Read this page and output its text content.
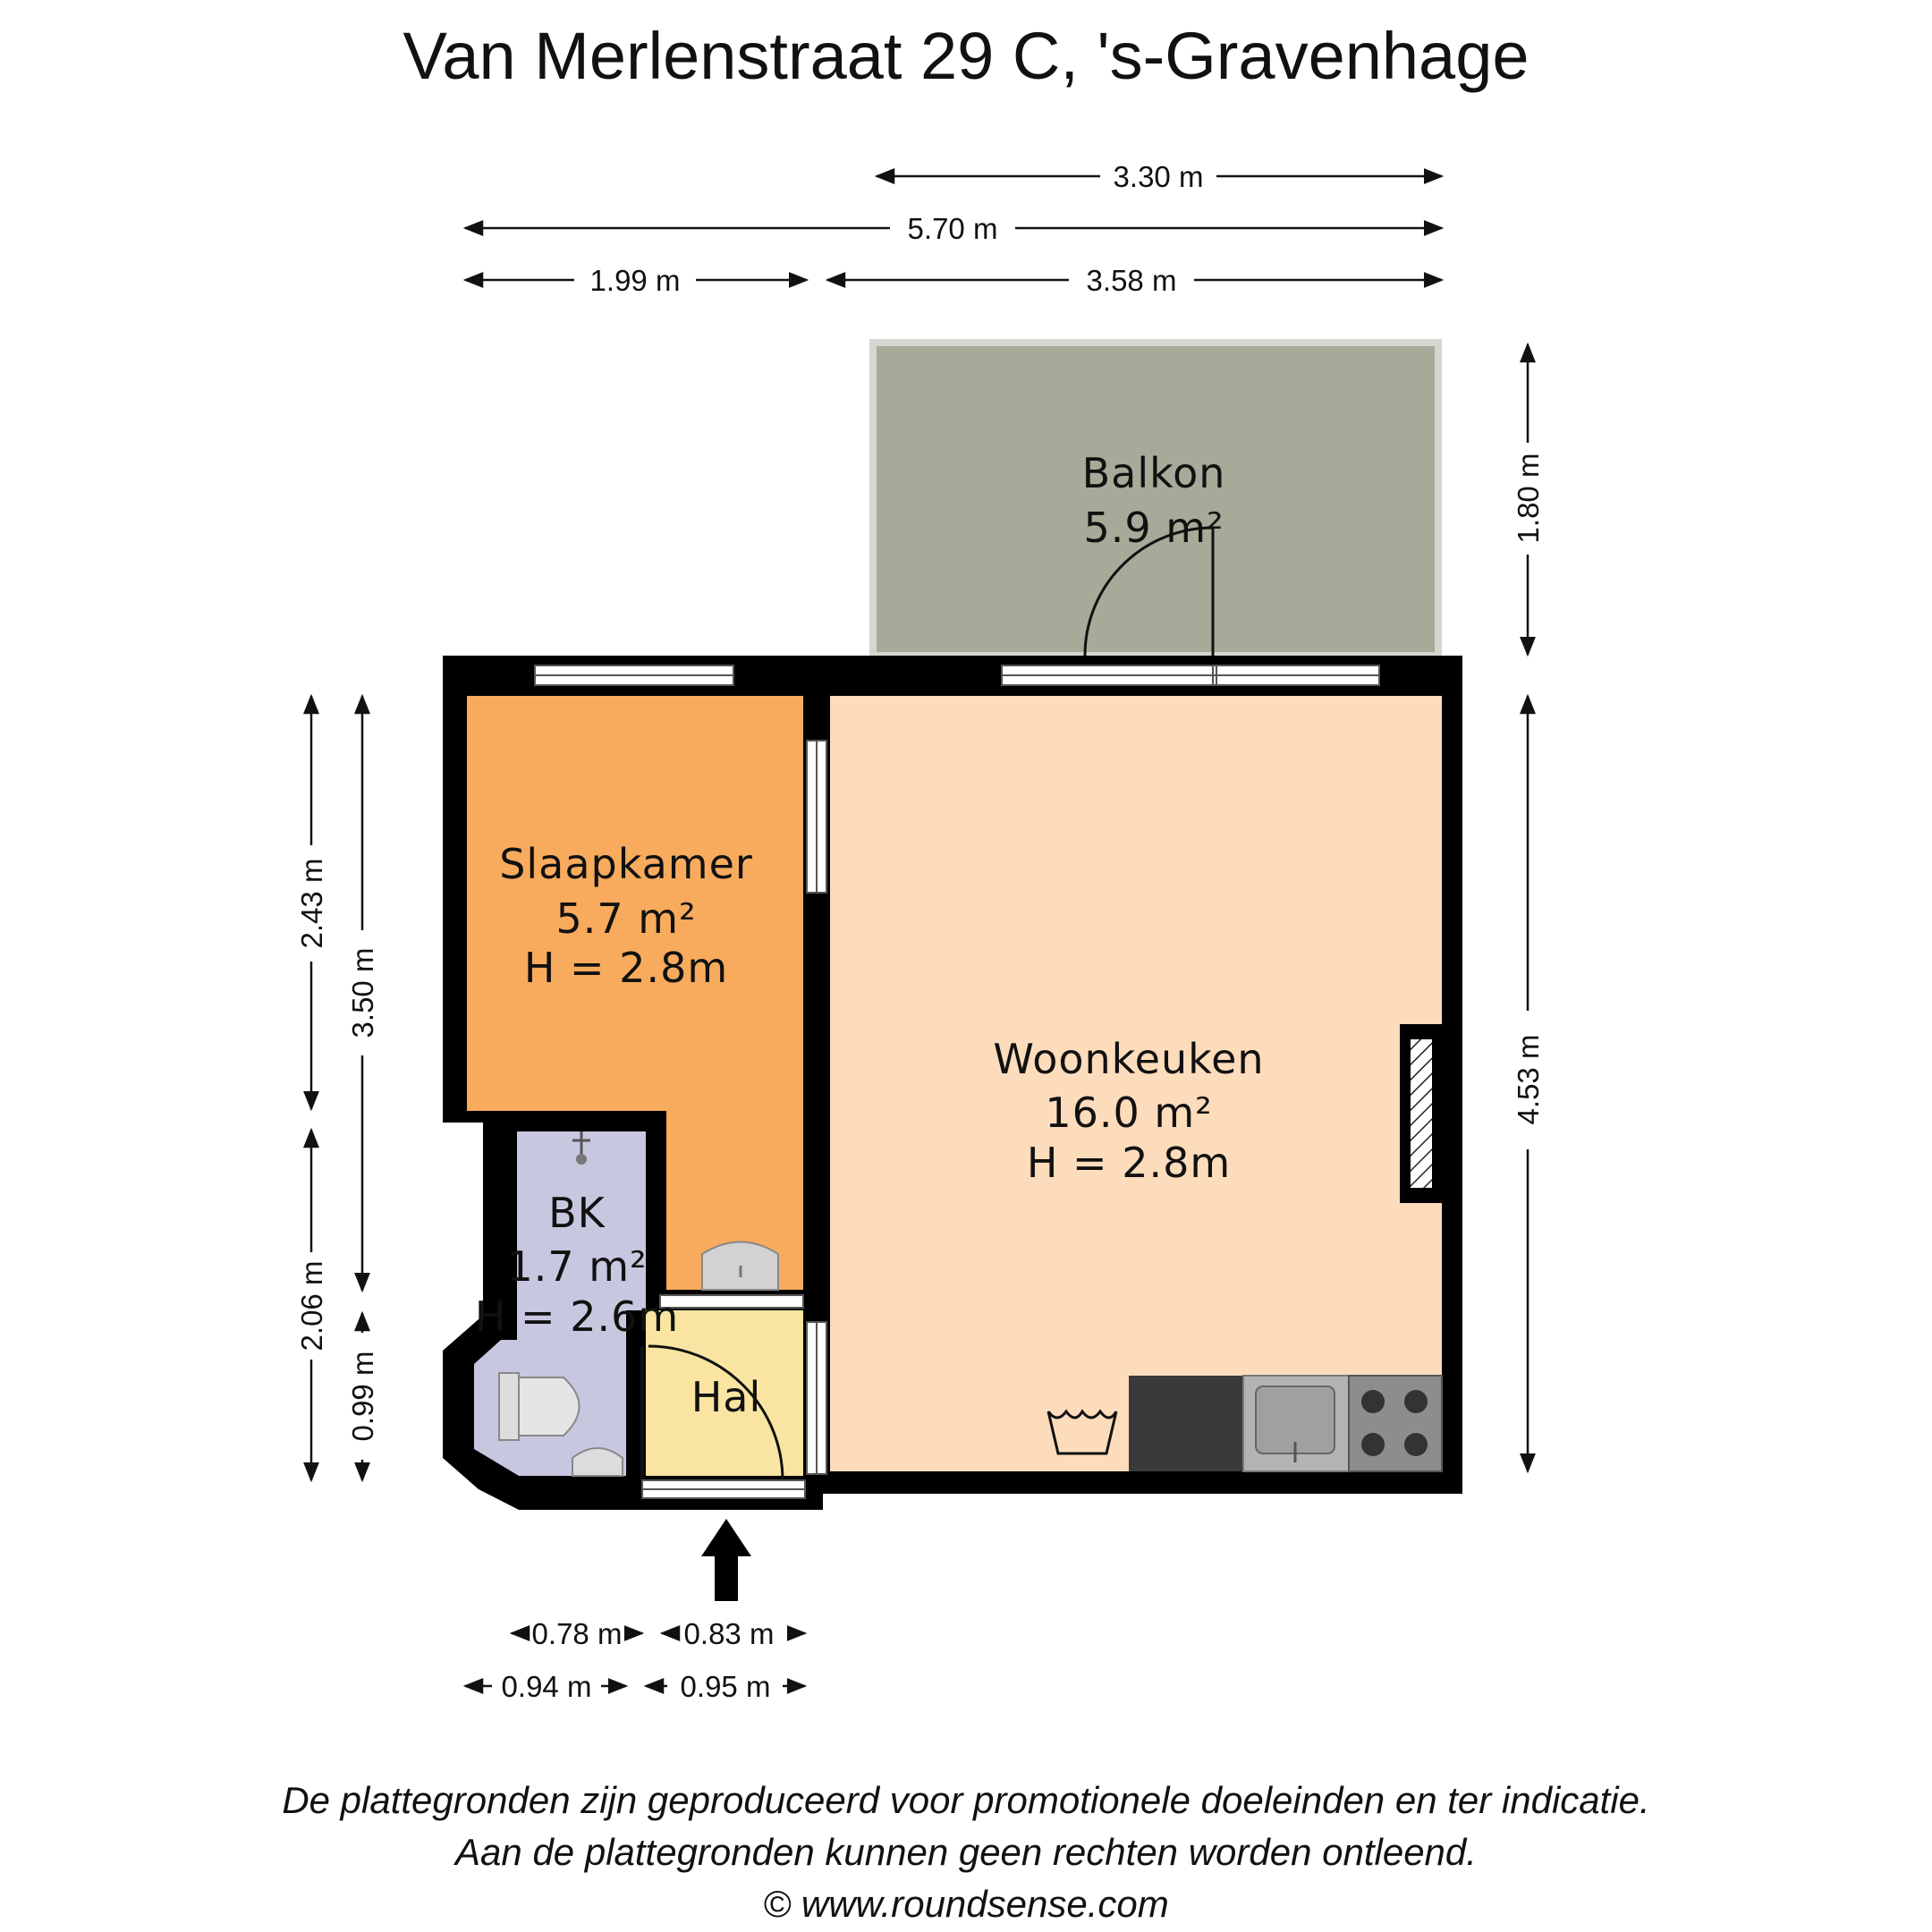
Van Merlenstraat 29 C, 's-Gravenhage
3.30 m
5.70 m
1.99 m	3.58 m
1.80 m
4.53 m
2.43 m
2.06 m
3.50 m
0.99 m
Balkon
5.9 m²
Slaapkamer
5.7 m²
H = 2.8m
Woonkeuken
16.0 m²
H = 2.8m
BK
1.7 m²
H = 2.6m
Hal
0.78 m 0.83 m
0.94 m	0.95 m
De plattegronden zijn geproduceerd voor promotionele doeleinden en ter indicatie.
Aan de plattegronden kunnen geen rechten worden ontleend.
© www.roundsense.com
